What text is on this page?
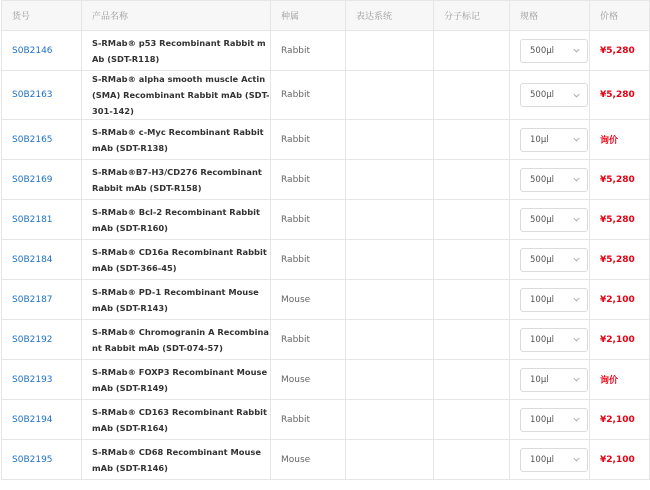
货号	产品名称	种属	表达系统	分子标记	规格	价格
S0B2146	S-RMab® p53 Recombinant Rabbit mAb (SDT-R118)	Rabbit			500μl	¥5,280
S0B2163	S-RMab® alpha smooth muscle Actin (SMA) Recombinant Rabbit mAb (SDT-301-142)	Rabbit			500μl	¥5,280
S0B2165	S-RMab® c-Myc Recombinant Rabbit mAb (SDT-R138)	Rabbit			10μl	询价
S0B2169	S-RMab®B7-H3/CD276 Recombinant Rabbit mAb (SDT-R158)	Rabbit			500μl	¥5,280
S0B2181	S-RMab® Bcl-2 Recombinant Rabbit mAb (SDT-R160)	Rabbit			500μl	¥5,280
S0B2184	S-RMab® CD16a Recombinant Rabbit mAb (SDT-366-45)	Rabbit			500μl	¥5,280
S0B2187	S-RMab® PD-1 Recombinant Mouse mAb (SDT-R143)	Mouse			100μl	¥2,100
S0B2192	S-RMab® Chromogranin A Recombinant Rabbit mAb (SDT-074-57)	Rabbit			100μl	¥2,100
S0B2193	S-RMab® FOXP3 Recombinant Mouse mAb (SDT-R149)	Mouse			10μl	询价
S0B2194	S-RMab® CD163 Recombinant Rabbit mAb (SDT-R164)	Rabbit			100μl	¥2,100
S0B2195	S-RMab® CD68 Recombinant Mouse mAb (SDT-R146)	Mouse			100μl	¥2,100
